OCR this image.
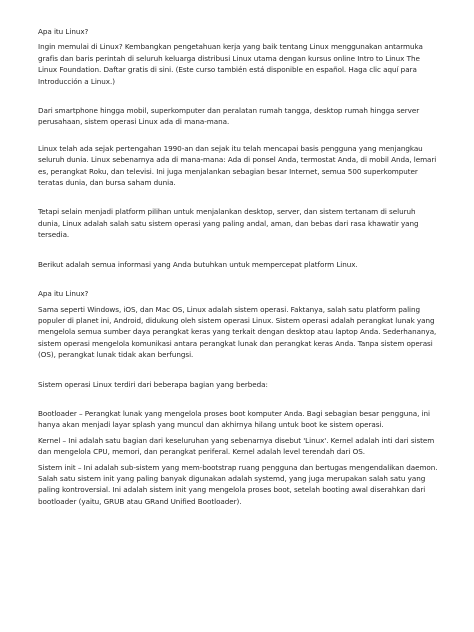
Apa itu Linux?

Ingin memulai di Linux? Kembangkan pengetahuan kerja yang baik tentang Linux menggunakan antarmuka grafis dan baris perintah di seluruh keluarga distribusi Linux utama dengan kursus online Intro to Linux The Linux Foundation. Daftar gratis di sini. (Este curso también está disponible en español. Haga clic aquí para Introducción a Linux.)

Dari smartphone hingga mobil, superkomputer dan peralatan rumah tangga, desktop rumah hingga server perusahaan, sistem operasi Linux ada di mana-mana.

Linux telah ada sejak pertengahan 1990-an dan sejak itu telah mencapai basis pengguna yang menjangkau seluruh dunia. Linux sebenarnya ada di mana-mana: Ada di ponsel Anda, termostat Anda, di mobil Anda, lemari es, perangkat Roku, dan televisi. Ini juga menjalankan sebagian besar Internet, semua 500 superkomputer teratas dunia, dan bursa saham dunia.

Tetapi selain menjadi platform pilihan untuk menjalankan desktop, server, dan sistem tertanam di seluruh dunia, Linux adalah salah satu sistem operasi yang paling andal, aman, dan bebas dari rasa khawatir yang tersedia.

Berikut adalah semua informasi yang Anda butuhkan untuk mempercepat platform Linux.

Apa itu Linux?

Sama seperti Windows, iOS, dan Mac OS, Linux adalah sistem operasi. Faktanya, salah satu platform paling populer di planet ini, Android, didukung oleh sistem operasi Linux. Sistem operasi adalah perangkat lunak yang mengelola semua sumber daya perangkat keras yang terkait dengan desktop atau laptop Anda. Sederhananya, sistem operasi mengelola komunikasi antara perangkat lunak dan perangkat keras Anda. Tanpa sistem operasi (OS), perangkat lunak tidak akan berfungsi.

Sistem operasi Linux terdiri dari beberapa bagian yang berbeda:

Bootloader – Perangkat lunak yang mengelola proses boot komputer Anda. Bagi sebagian besar pengguna, ini hanya akan menjadi layar splash yang muncul dan akhirnya hilang untuk boot ke sistem operasi.

Kernel – Ini adalah satu bagian dari keseluruhan yang sebenarnya disebut 'Linux'. Kernel adalah inti dari sistem dan mengelola CPU, memori, dan perangkat periferal. Kernel adalah level terendah dari OS.

Sistem init – Ini adalah sub-sistem yang mem-bootstrap ruang pengguna dan bertugas mengendalikan daemon. Salah satu sistem init yang paling banyak digunakan adalah systemd, yang juga merupakan salah satu yang paling kontroversial. Ini adalah sistem init yang mengelola proses boot, setelah booting awal diserahkan dari bootloader (yaitu, GRUB atau GRand Unified Bootloader).
